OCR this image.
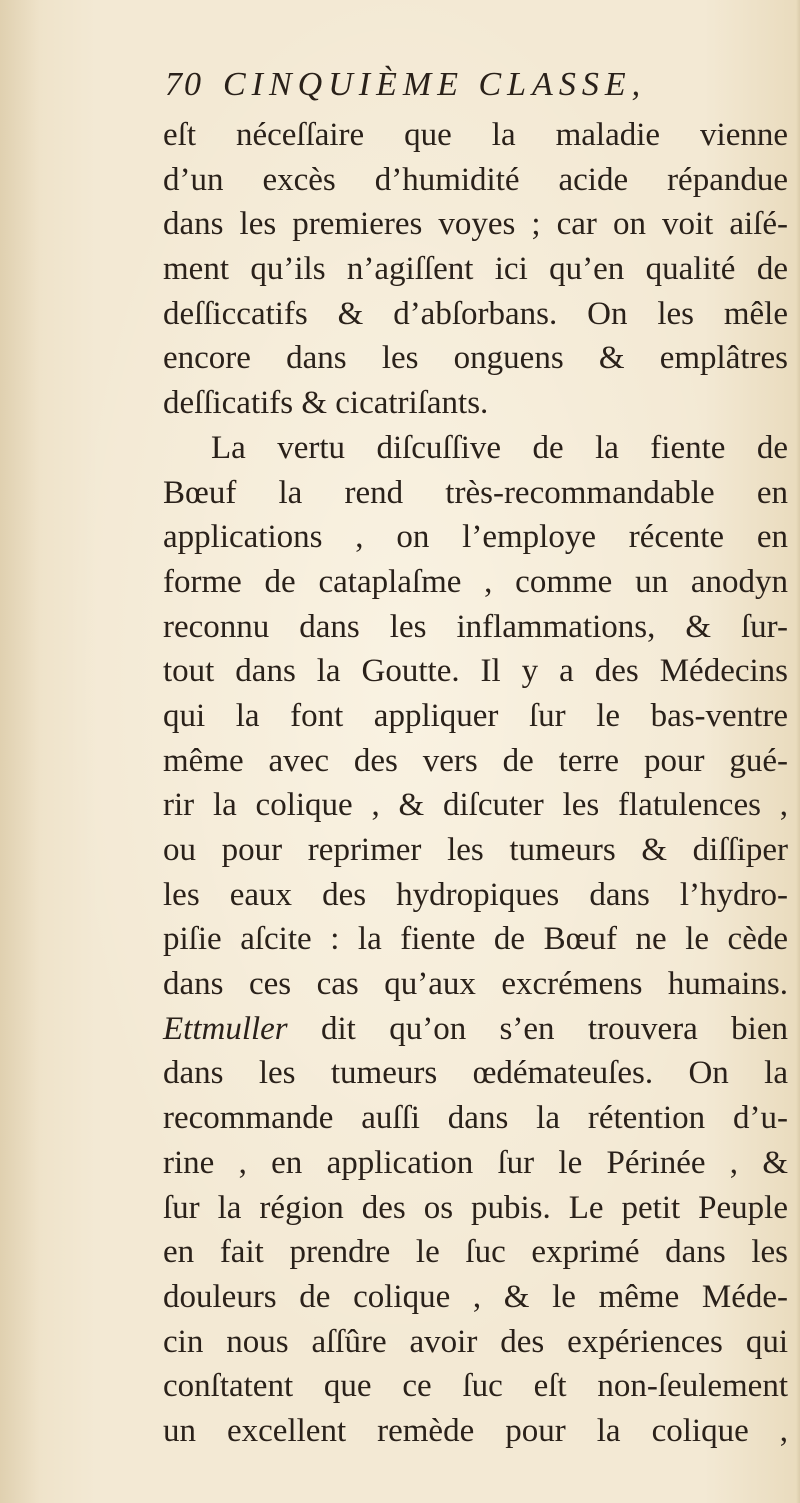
70 CINQUIÈME CLASSE,
eſt néceſſaire que la maladie vienne
d’un excès d’humidité acide répandue
dans les premieres voyes ; car on voit aiſé-
ment qu’ils n’agiſſent ici qu’en qualité de
deſſiccatifs & d’abſorbans. On les mêle
encore dans les onguens & emplâtres
deſſicatifs & cicatriſants.
La vertu diſcuſſive de la fiente de
Bœuf la rend très-recommandable en
applications , on l’employe récente en
forme de cataplaſme , comme un anodyn
reconnu dans les inflammations, & ſur-
tout dans la Goutte. Il y a des Médecins
qui la font appliquer ſur le bas-ventre
même avec des vers de terre pour gué-
rir la colique , & diſcuter les flatulences ,
ou pour reprimer les tumeurs & diſſiper
les eaux des hydropiques dans l’hydro-
piſie aſcite : la fiente de Bœuf ne le cède
dans ces cas qu’aux excrémens humains.
Ettmuller dit qu’on s’en trouvera bien
dans les tumeurs œdémateuſes. On la
recommande auſſi dans la rétention d’u-
rine , en application ſur le Périnée , &
ſur la région des os pubis. Le petit Peuple
en fait prendre le ſuc exprimé dans les
douleurs de colique , & le même Méde-
cin nous aſſûre avoir des expériences qui
conſtatent que ce ſuc eſt non-ſeulement
un excellent remède pour la colique ,
